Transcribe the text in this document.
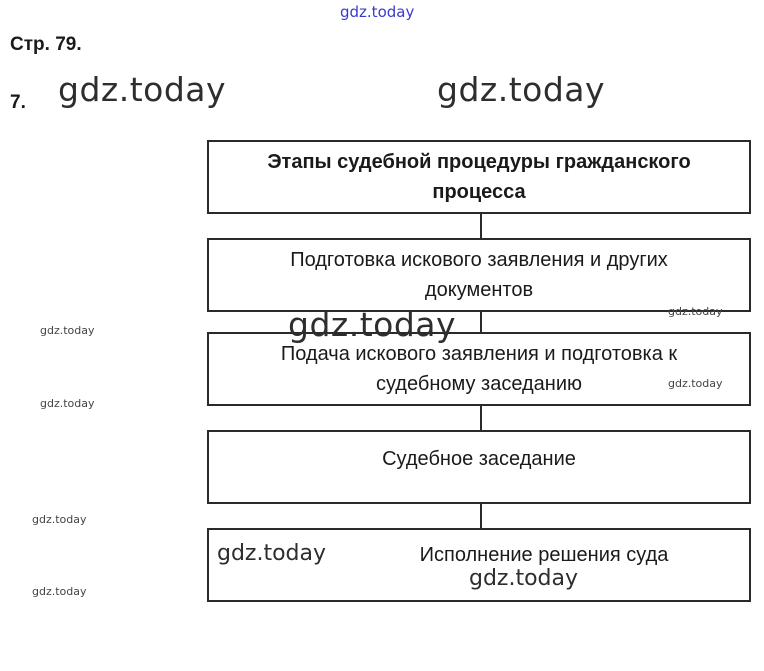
gdz.today
gdz.today	gdz.today
Стр. 79.
7.
Этапы судебной процедуры гражданского
процесса
Подготовка искового заявления и других
документов
Подача искового заявления и подготовка к
судебному заседанию
Судебное заседание
Исполнение решения суда
gdz.today
gdz.today
gdz.today
gdz.today
gdz.today
gdz.today
gdz.today
gdz.today
gdz.today
